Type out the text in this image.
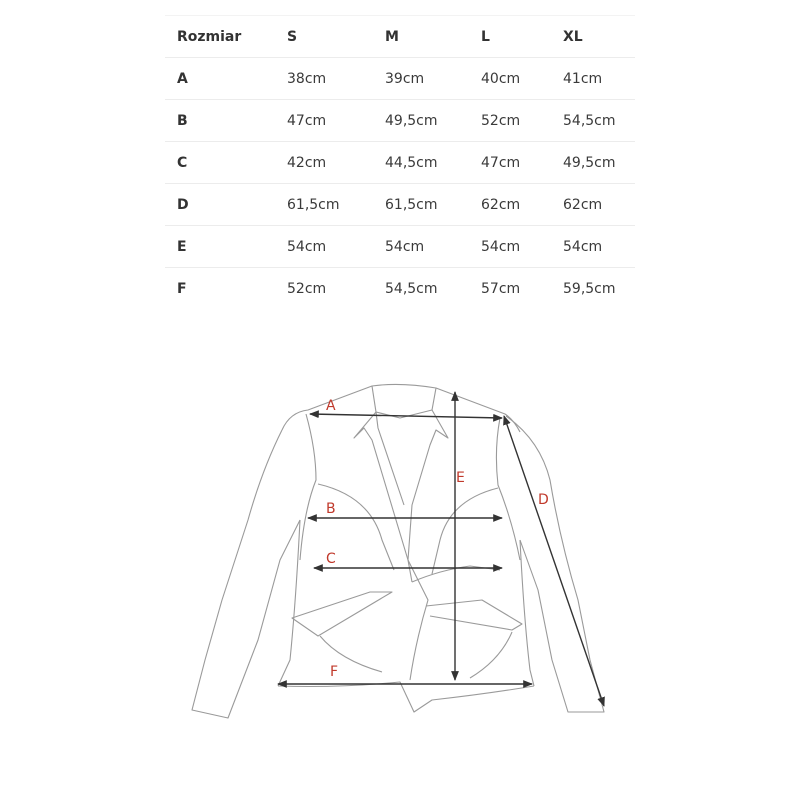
Rozmiar	S	M	L	XL
A	38cm	39cm	40cm	41cm
B	47cm	49,5cm	52cm	54,5cm
C	42cm	44,5cm	47cm	49,5cm
D	61,5cm	61,5cm	62cm	62cm
E	54cm	54cm	54cm	54cm
F	52cm	54,5cm	57cm	59,5cm
A
B
C
D
E
F
